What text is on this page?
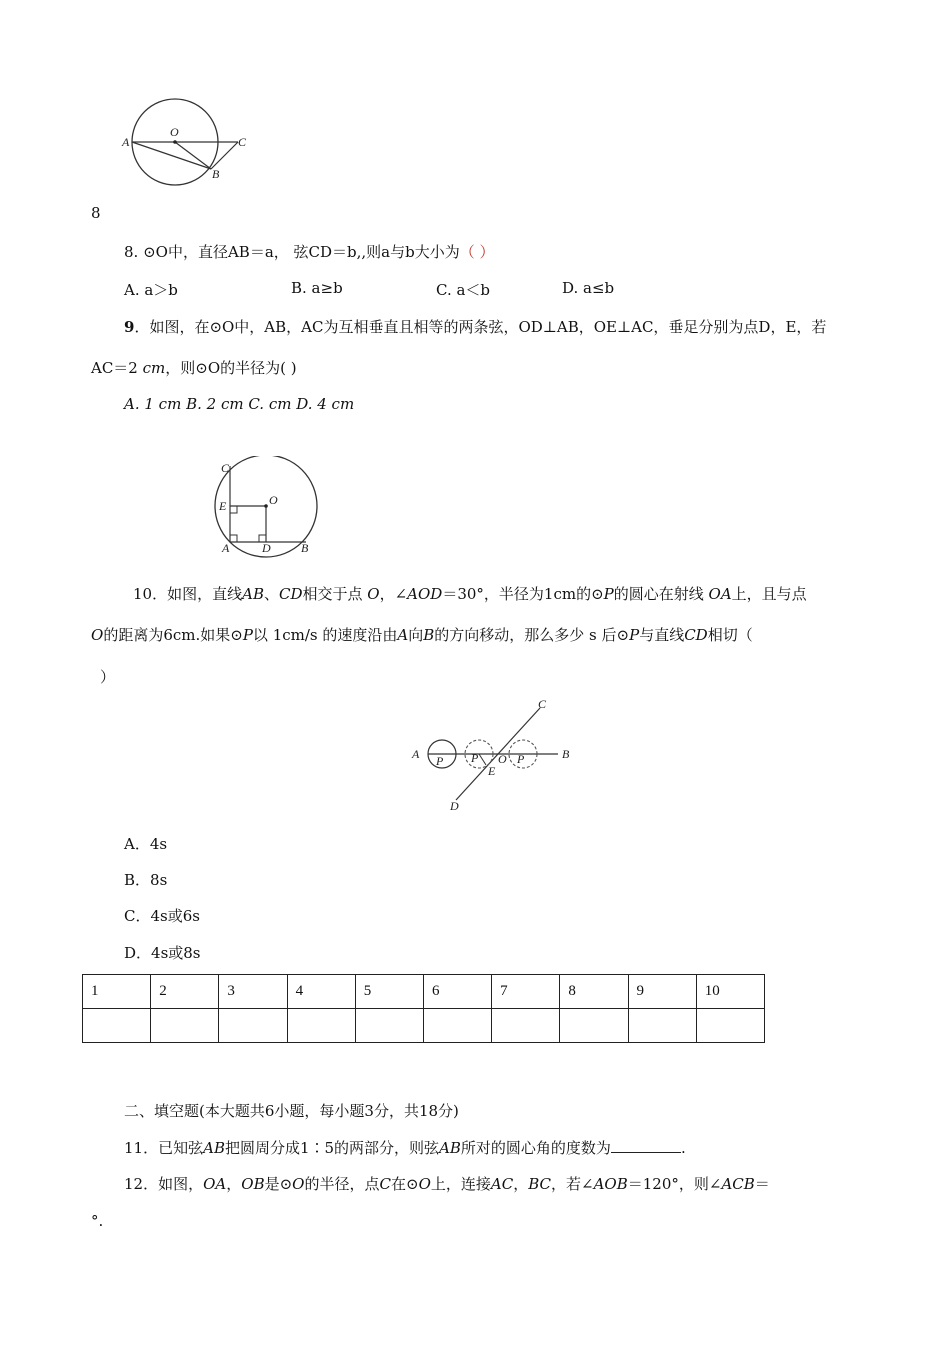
A
O
C
B
8
8. ⊙O中，直径AB＝a， 弦CD＝b,,则a与b大小为（ ）
A. a＞b	B. a≥b	C. a＜b	D. a≤b
9．如图，在⊙O中，AB，AC为互相垂直且相等的两条弦，OD⊥AB，OE⊥AC，垂足分别为点D，E，若
AC＝2 cm，则⊙O的半径为( )
A. 1 cm B. 2 cm C. cm D. 4 cm
C
E	O
A	D	B
10．如图，直线AB、CD相交于点 O，∠AOD＝30°，半径为1cm的⊙P的圆心在射线 OA上，且与点
O的距离为6cm.如果⊙P以 1cm/s 的速度沿由A向B的方向移动，那么多少 s 后⊙P与直线CD相切（
）
A P P O
E
P	B
C
D
A．4s
B．8s
C．4s或6s
D．4s或8s
1	2	3	4	5	6	7	8	9	10

二、填空题(本大题共6小题，每小题3分，共18分)
11．已知弦AB把圆周分成1∶5的两部分，则弦AB所对的圆心角的度数为	.
12．如图，OA，OB是⊙O的半径，点C在⊙O上，连接AC，BC，若∠AOB＝120°，则∠ACB＝
°.
